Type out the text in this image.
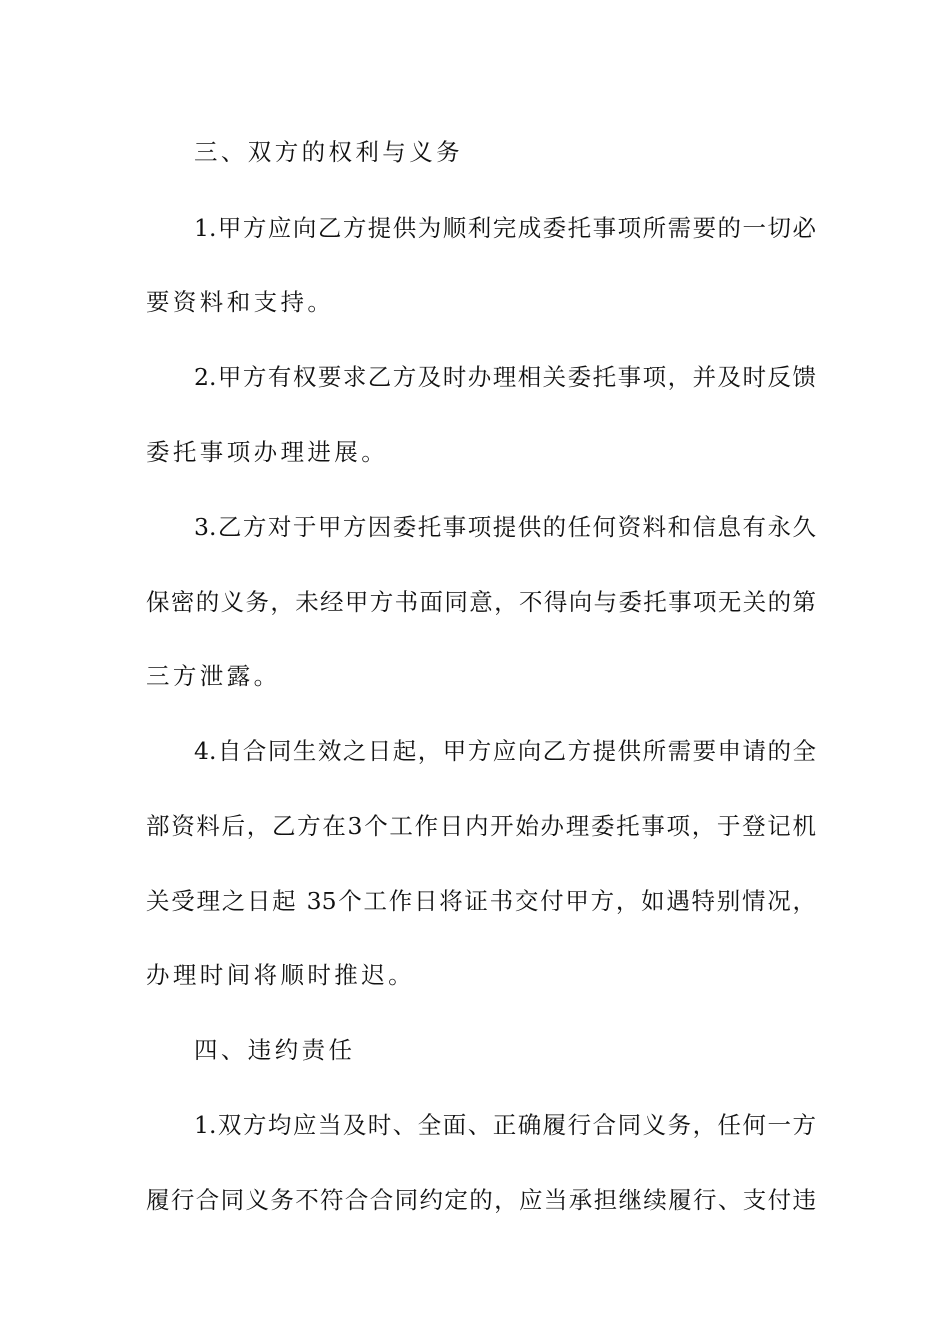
三、双方的权利与义务
1.甲方应向乙方提供为顺利完成委托事项所需要的一切必
要资料和支持。
2.甲方有权要求乙方及时办理相关委托事项，并及时反馈
委托事项办理进展。
3.乙方对于甲方因委托事项提供的任何资料和信息有永久
保密的义务，未经甲方书面同意，不得向与委托事项无关的第
三方泄露。
4.自合同生效之日起，甲方应向乙方提供所需要申请的全
部资料后，乙方在3个工作日内开始办理委托事项，于登记机
关受理之日起 35个工作日将证书交付甲方，如遇特别情况，
办理时间将顺时推迟。
四、违约责任
1.双方均应当及时、全面、正确履行合同义务，任何一方
履行合同义务不符合合同约定的，应当承担继续履行、支付违
